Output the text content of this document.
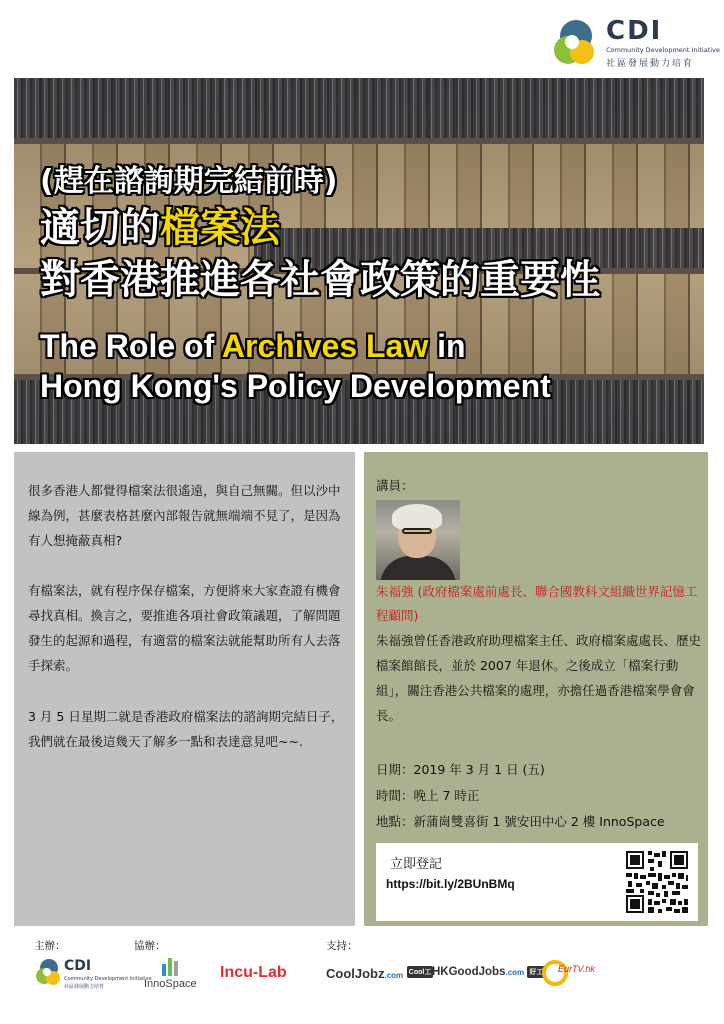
CDI
Community Development Initiative
社區發展動力培育
(趕在諮詢期完結前時)
適切的檔案法
對香港推進各社會政策的重要性
The Role of Archives Law in
Hong Kong's Policy Development
很多香港人都覺得檔案法很遙遠，與自己無關。但以沙中線為例，甚麼表格甚麼內部報告就無端端不見了，是因為有人想掩蔽真相?
有檔案法，就有程序保存檔案，方便將來大家查證有機會尋找真相。換言之，要推進各項社會政策議題，了解問題發生的起源和過程，有適當的檔案法就能幫助所有人去落手探索。
3 月 5 日星期二就是香港政府檔案法的諮詢期完結日子，我們就在最後這幾天了解多一點和表達意見吧~~.
講員：
朱福強 (政府檔案處前處長、聯合國教科文組織世界記憶工程顧問)
朱福強曾任香港政府助理檔案主任、政府檔案處處長、歷史檔案館館長，並於 2007 年退休。之後成立「檔案行動組」，關注香港公共檔案的處理，亦擔任過香港檔案學會會長。
日期：2019 年 3 月 1 日 (五)
時間：晚上 7 時正
地點：新蒲崗雙喜街 1 號安田中心 2 樓 InnoSpace
立即登記
https://bit.ly/2BUnBMq
主辦：	協辦：	支持：
CDI
Community Development Initiative
社區發展動力培育	InnoSpace
Incu-Lab	CoolJobz.com Cool工 HKGoodJobs.com 好工 EurTV.hk
